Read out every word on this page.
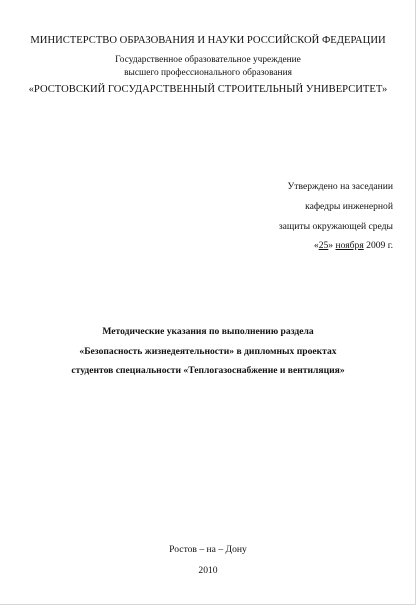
МИНИСТЕРСТВО ОБРАЗОВАНИЯ И НАУКИ РОССИЙСКОЙ ФЕДЕРАЦИИ
Государственное образовательное учреждение
высшего профессионального образования
«РОСТОВСКИЙ ГОСУДАРСТВЕННЫЙ СТРОИТЕЛЬНЫЙ УНИВЕРСИТЕТ»
Утверждено на заседании
кафедры инженерной
защиты окружающей среды
«25» ноября 2009 г.
Методические указания по выполнению раздела
«Безопасность жизнедеятельности» в дипломных проектах
студентов специальности «Теплогазоснабжение и вентиляция»
Ростов – на – Дону
2010
